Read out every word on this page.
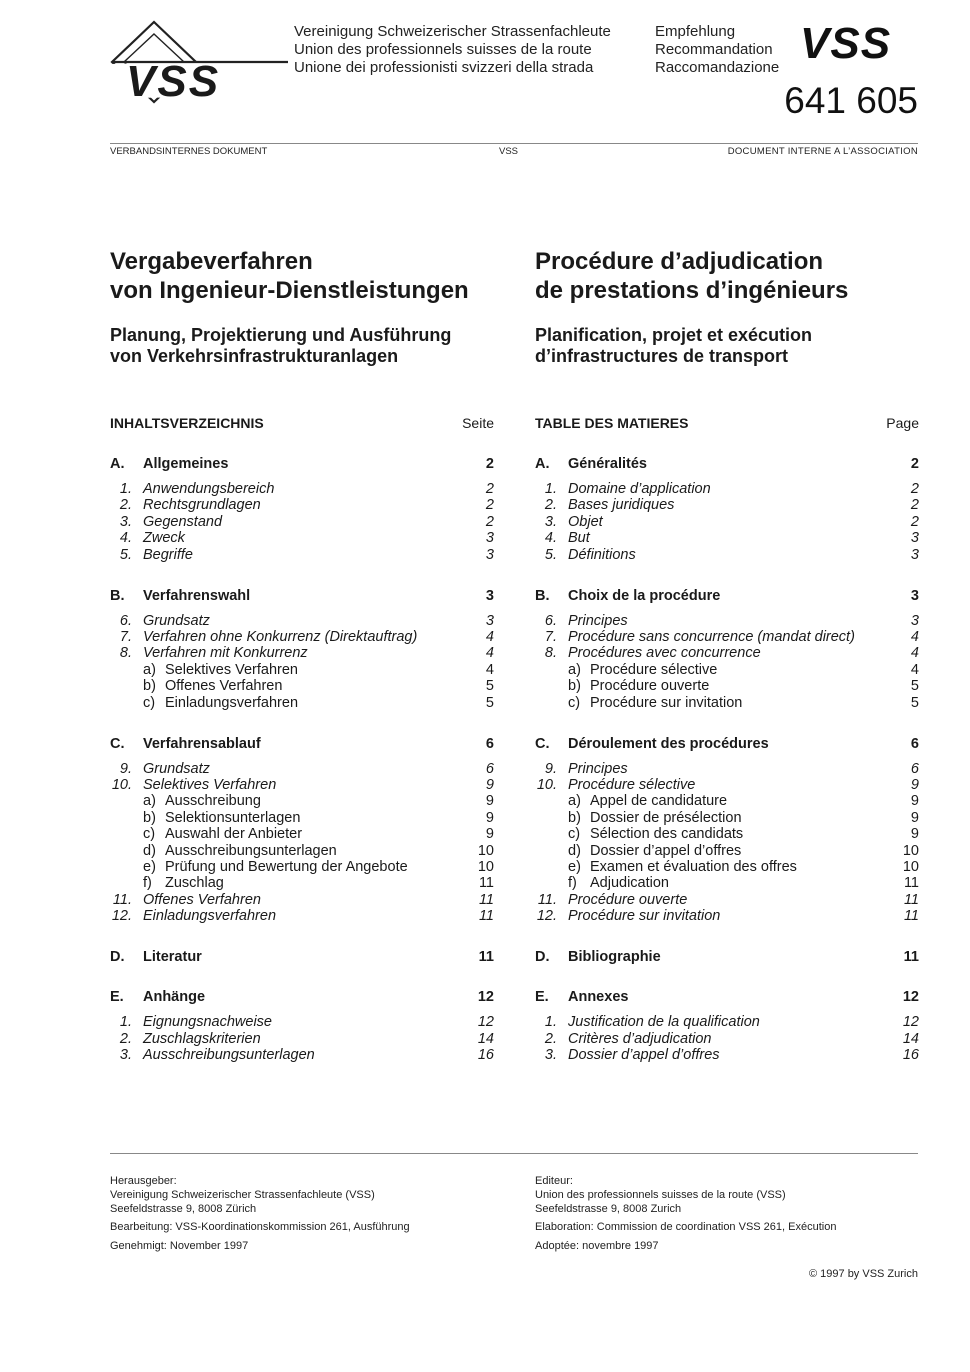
VSS
Vereinigung Schweizerischer Strassenfachleute
Union des professionnels suisses de la route
Unione dei professionisti svizzeri della strada
Empfehlung
Recommandation
Raccomandazione VSS
641 605
VERBANDSINTERNES DOKUMENT	VSS	DOCUMENT INTERNE A L’ASSOCIATION
Vergabeverfahren
von Ingenieur-Dienstleistungen
Planung, Projektierung und Ausführung
von Verkehrsinfrastrukturanlagen
INHALTSVERZEICHNIS	Seite
A. Allgemeines	2
1. Anwendungsbereich	2
2. Rechtsgrundlagen	2
3. Gegenstand	2
4. Zweck	3
5. Begriffe	3
B. Verfahrenswahl	3
6. Grundsatz	3
7. Verfahren ohne Konkurrenz (Direktauftrag)	4
8. Verfahren mit Konkurrenz	4
a) Selektives Verfahren	4
b) Offenes Verfahren	5
c) Einladungsverfahren	5
C. Verfahrensablauf	6
9. Grundsatz	6
10. Selektives Verfahren	9
a) Ausschreibung	9
b) Selektionsunterlagen	9
c) Auswahl der Anbieter	9
d) Ausschreibungsunterlagen	10
e) Prüfung und Bewertung der Angebote	10
f) Zuschlag	11
11. Offenes Verfahren	11
12. Einladungsverfahren	11
D. Literatur	11
E. Anhänge	12
1. Eignungsnachweise	12
2. Zuschlagskriterien	14
3. Ausschreibungsunterlagen	16
Procédure d’adjudication
de prestations d’ingénieurs
Planification, projet et exécution
d’infrastructures de transport
TABLE DES MATIERES	Page
A. Généralités	2
1. Domaine d’application	2
2. Bases juridiques	2
3. Objet	2
4. But	3
5. Définitions	3
B. Choix de la procédure	3
6. Principes	3
7. Procédure sans concurrence (mandat direct)	4
8. Procédures avec concurrence	4
a) Procédure sélective	4
b) Procédure ouverte	5
c) Procédure sur invitation	5
C. Déroulement des procédures	6
9. Principes	6
10. Procédure sélective	9
a) Appel de candidature	9
b) Dossier de présélection	9
c) Sélection des candidats	9
d) Dossier d’appel d’offres	10
e) Examen et évaluation des offres	10
f) Adjudication	11
11. Procédure ouverte	11
12. Procédure sur invitation	11
D. Bibliographie	11
E. Annexes	12
1. Justification de la qualification	12
2. Critères d’adjudication	14
3. Dossier d’appel d’offres	16
Herausgeber:
Vereinigung Schweizerischer Strassenfachleute (VSS)
Seefeldstrasse 9, 8008 Zürich
Bearbeitung: VSS-Koordinationskommission 261, Ausführung
Genehmigt: November 1997
Editeur:
Union des professionnels suisses de la route (VSS)
Seefeldstrasse 9, 8008 Zurich
Elaboration: Commission de coordination VSS 261, Exécution
Adoptée: novembre 1997
© 1997 by VSS Zurich
